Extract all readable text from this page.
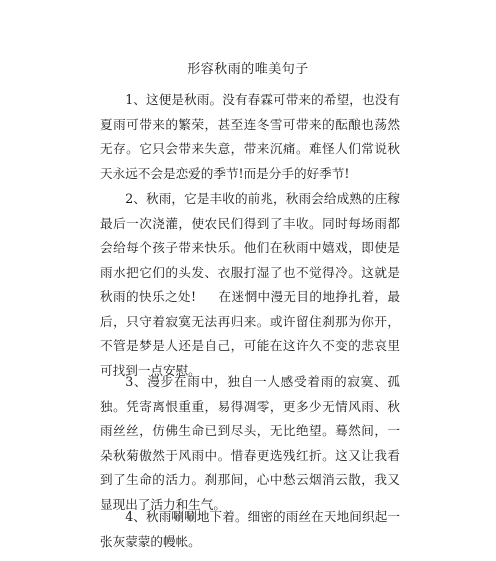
形容秋雨的唯美句子

1、这便是秋雨。没有春霖可带来的希望，也没有夏雨可带来的繁荣，甚至连冬雪可带来的酝酿也荡然无存。它只会带来失意，带来沉痛。难怪人们常说秋天永远不会是恋爱的季节!而是分手的好季节!

2、秋雨，它是丰收的前兆，秋雨会给成熟的庄稼最后一次浇灌，使农民们得到了丰收。同时每场雨都会给每个孩子带来快乐。他们在秋雨中嬉戏，即使是雨水把它们的头发、衣服打湿了也不觉得冷。这就是秋雨的快乐之处! 在迷惘中漫无目的地挣扎着，最后，只守着寂寞无法再归来。或许留住刹那为你开，不管是梦是人还是自己，可能在这许久不变的悲哀里可找到一点安慰。

3、漫步在雨中，独自一人感受着雨的寂寞、孤独。凭寄离恨重重，易得凋零，更多少无情风雨、秋雨丝丝，仿佛生命已到尽头，无比绝望。蓦然间，一朵秋菊傲然于风雨中。惜春更选残红折。这又让我看到了生命的活力。刹那间，心中愁云烟消云散，我又显现出了活力和生气。

4、秋雨唰唰地下着。细密的雨丝在天地间织起一张灰蒙蒙的幔帐。
